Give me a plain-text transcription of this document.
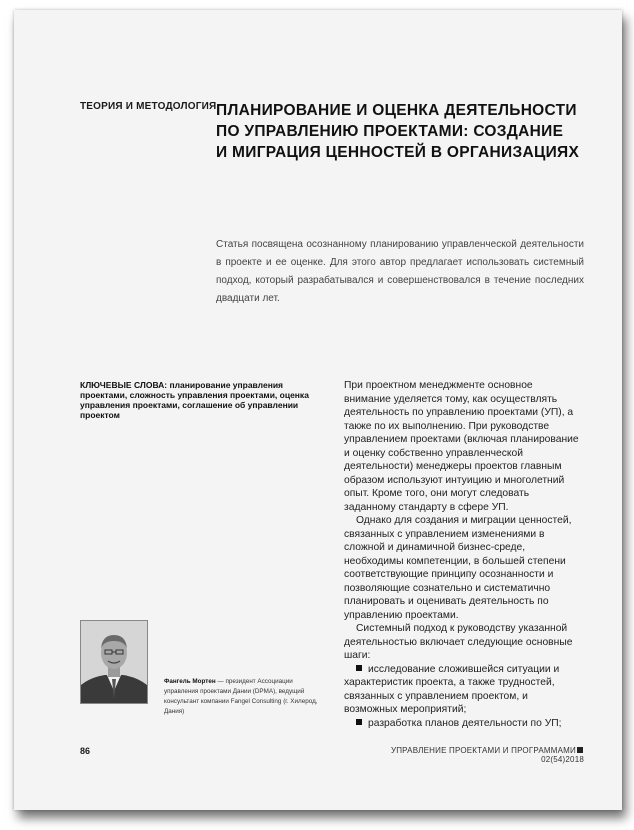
ТЕОРИЯ И МЕТОДОЛОГИЯ ПЛАНИРОВАНИЕ И ОЦЕНКА ДЕЯТЕЛЬНОСТИ
ПО УПРАВЛЕНИЮ ПРОЕКТАМИ: СОЗДАНИЕ
И МИГРАЦИЯ ЦЕННОСТЕЙ В ОРГАНИЗАЦИЯХ
Статья посвящена осознанному планированию управленческой деятельности в проекте и ее оценке. Для этого автор предлагает использовать системный подход, который разрабатывался и совершенствовался в течение последних двадцати лет.
КЛЮЧЕВЫЕ СЛОВА: планирование управления проектами, сложность управления проектами, оценка управления проектами, соглашение об управлении проектом

При проектном менеджменте основное внимание уделяется тому, как осуществлять деятельность по управлению проектами (УП), а также по их выполнению. При руководстве управлением проектами (включая планирование и оценку собственно управленческой деятельности) менеджеры проектов главным образом используют интуицию и многолетний опыт. Кроме того, они могут следовать заданному стандарту в сфере УП.

Однако для создания и миграции ценностей, связанных с управлением изменениями в сложной и динамичной бизнес-среде, необходимы компетенции, в большей степени соответствующие принципу осознанности и позволяющие сознательно и систематично планировать и оценивать деятельность по управлению проектами.

Системный подход к руководству указанной деятельностью включает следующие основные шаги:

исследование сложившейся ситуации и характеристик проекта, а также трудностей, связанных с управлением проектом, и возможных мероприятий;

разработка планов деятельности по УП;

Фангель Мортен — президент Ассоциации управления проектами Дании (DPMA), ведущий консультант компании Fangel Consulting (г. Хилерод, Дания)
86	УПРАВЛЕНИЕ ПРОЕКТАМИ И ПРОГРАММАМИ02(54)2018
